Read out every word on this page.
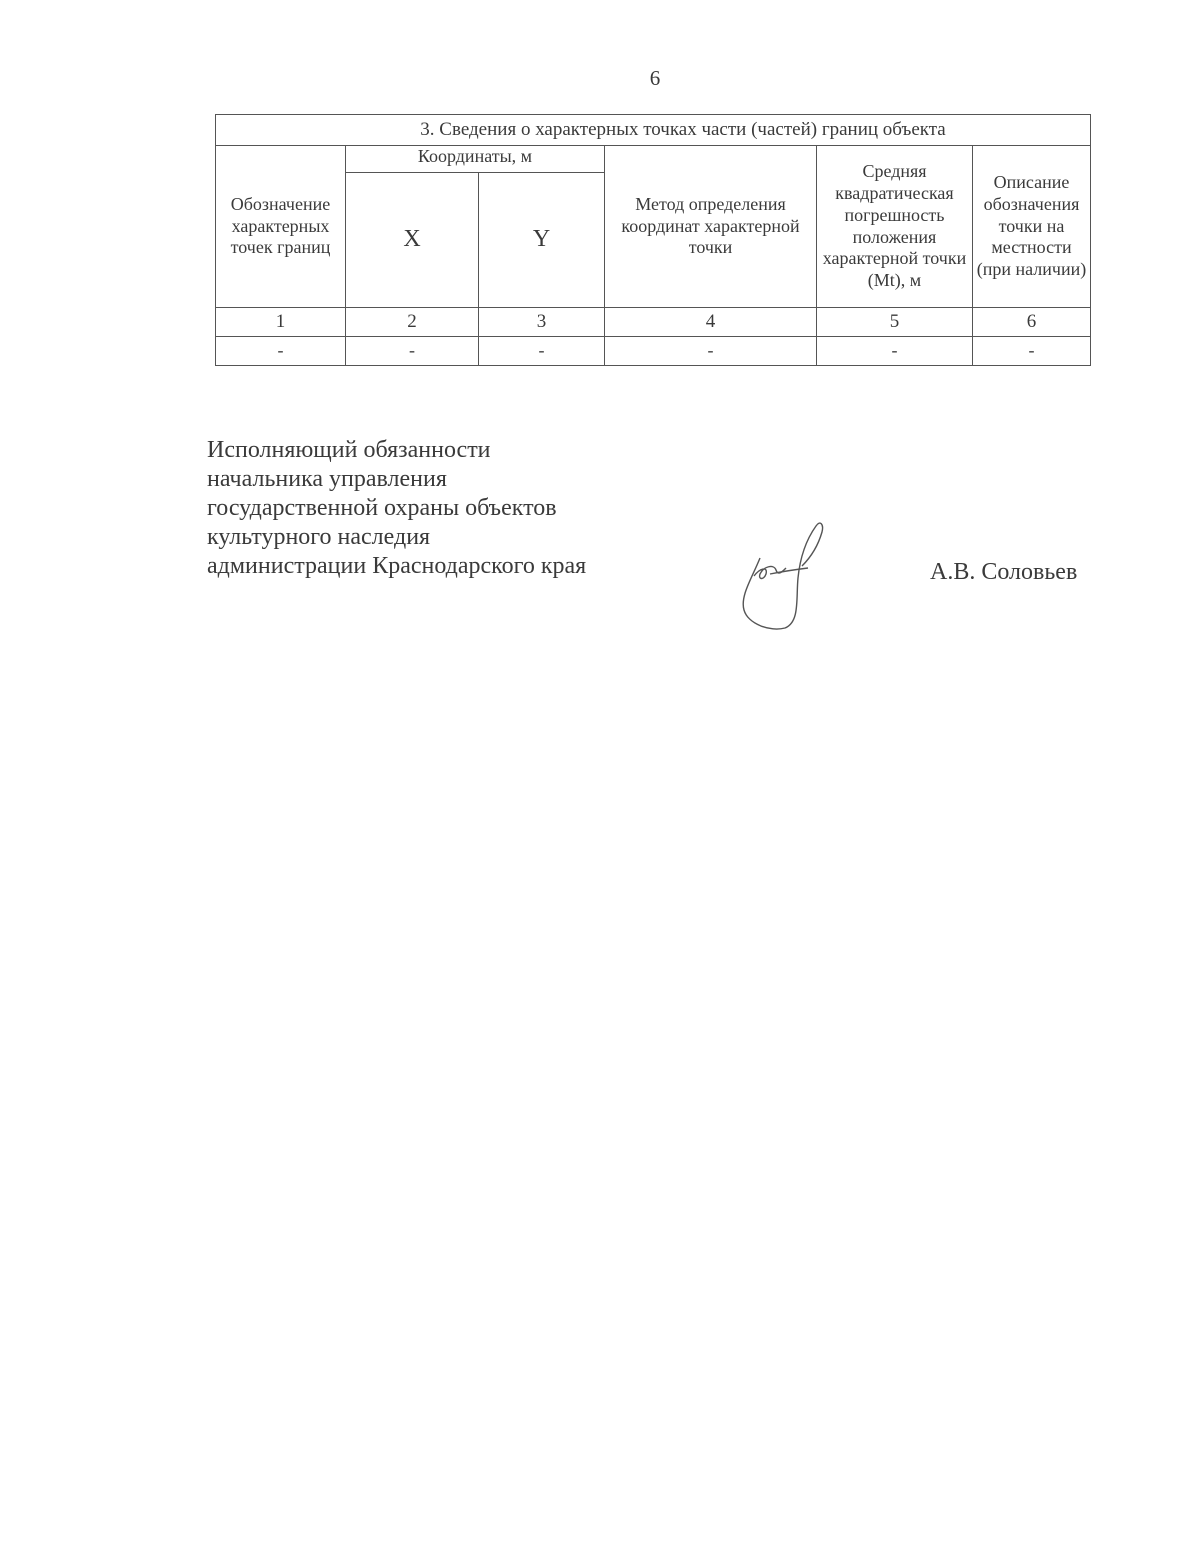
6
3. Сведения о характерных точках части (частей) границ объекта					
Обозначение характерных точек границ	Координаты, м		Метод определения координат характерной точки	Средняя квадратическая погрешность положения характерной точки (Mt), м	Описание обозначения точки на местности (при наличии)
	X	Y			
1	2	3	4	5	6
-	-	-	-	-	-
Исполняющий обязанности
начальника управления
государственной охраны объектов
культурного наследия
администрации Краснодарского края	А.В. Соловьев
